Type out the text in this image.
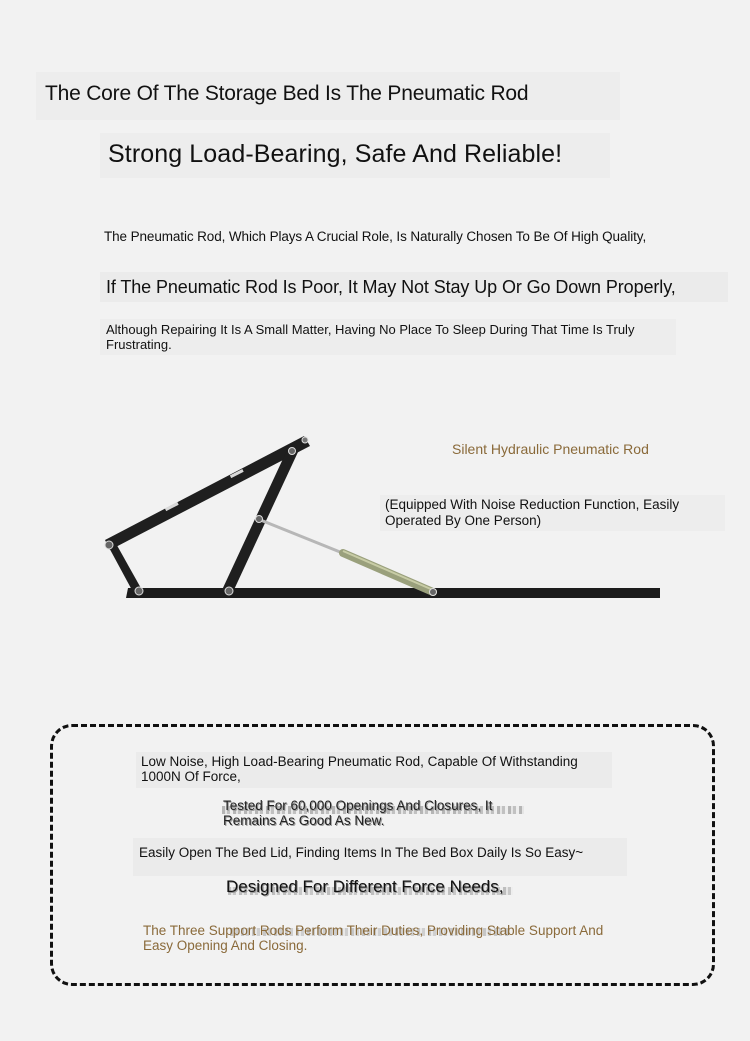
The Core Of The Storage Bed Is The Pneumatic Rod
Strong Load-Bearing, Safe And Reliable!
The Pneumatic Rod, Which Plays A Crucial Role, Is Naturally Chosen To Be Of High Quality,
If The Pneumatic Rod Is Poor, It May Not Stay Up Or Go Down Properly,
Although Repairing It Is A Small Matter, Having No Place To Sleep During That Time Is Truly Frustrating.
Silent Hydraulic Pneumatic Rod
(Equipped With Noise Reduction Function, Easily Operated By One Person)
Low Noise, High Load-Bearing Pneumatic Rod, Capable Of Withstanding 1000N Of Force,
Tested For 60,000 Openings And Closures, It Remains As Good As New.
Easily Open The Bed Lid, Finding Items In The Bed Box Daily Is So Easy~
Designed For Different Force Needs,
The Three Support Rods Perform Their Duties, Providing Stable Support And Easy Opening And Closing.
